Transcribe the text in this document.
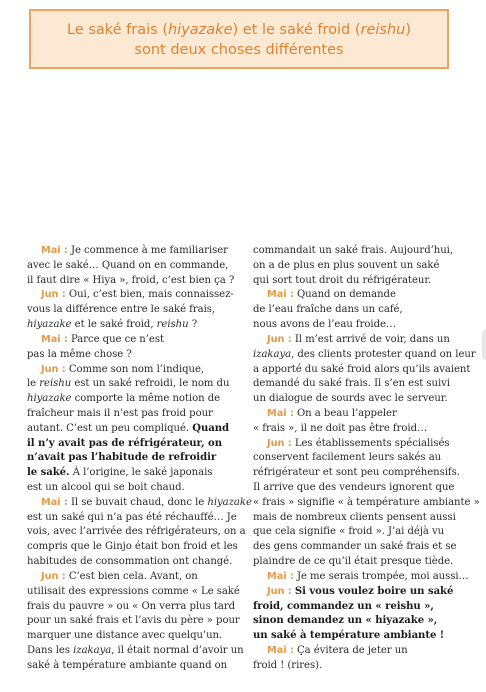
Le saké frais (hiyazake) et le saké froid (reishu)
sont deux choses différentes
Mai : Je commence à me familiariser
avec le saké… Quand on en commande,
il faut dire « Hiya », froid, c’est bien ça ?
Jun : Oui, c’est bien, mais connaissez-
vous la différence entre le saké frais,
hiyazake et le saké froid, reishu ?
Mai : Parce que ce n’est
pas la même chose ?
Jun : Comme son nom l’indique,
le reishu est un saké refroidi, le nom du
hiyazake comporte la même notion de
fraîcheur mais il n’est pas froid pour
autant. C’est un peu compliqué. Quand
il n’y avait pas de réfrigérateur, on
n’avait pas l’habitude de refroidir
le saké. À l’origine, le saké japonais
est un alcool qui se boit chaud.
Mai : Il se buvait chaud, donc le hiyazake
est un saké qui n’a pas été réchauffé… Je
vois, avec l’arrivée des réfrigérateurs, on a
compris que le Ginjo était bon froid et les
habitudes de consommation ont changé.
Jun : C’est bien cela. Avant, on
utilisait des expressions comme « Le saké
frais du pauvre » ou « On verra plus tard
pour un saké frais et l’avis du père » pour
marquer une distance avec quelqu’un.
Dans les izakaya, il était normal d’avoir un
saké à température ambiante quand on
commandait un saké frais. Aujourd’hui,
on a de plus en plus souvent un saké
qui sort tout droit du réfrigérateur.
Mai : Quand on demande
de l’eau fraîche dans un café,
nous avons de l’eau froide…
Jun : Il m’est arrivé de voir, dans un
izakaya, des clients protester quand on leur
a apporté du saké froid alors qu’ils avaient
demandé du saké frais. Il s’en est suivi
un dialogue de sourds avec le serveur.
Mai : On a beau l’appeler
« frais », il ne doit pas être froid…
Jun : Les établissements spécialisés
conservent facilement leurs sakés au
réfrigérateur et sont peu compréhensifs.
Il arrive que des vendeurs ignorent que
« frais » signifie « à température ambiante »
mais de nombreux clients pensent aussi
que cela signifie « froid ». J’ai déjà vu
des gens commander un saké frais et se
plaindre de ce qu’il était presque tiède.
Mai : Je me serais trompée, moi aussi…
Jun : Si vous voulez boire un saké
froid, commandez un « reishu »,
sinon demandez un « hiyazake »,
un saké à température ambiante !
Mai : Ça évitera de jeter un
froid ! (rires).
